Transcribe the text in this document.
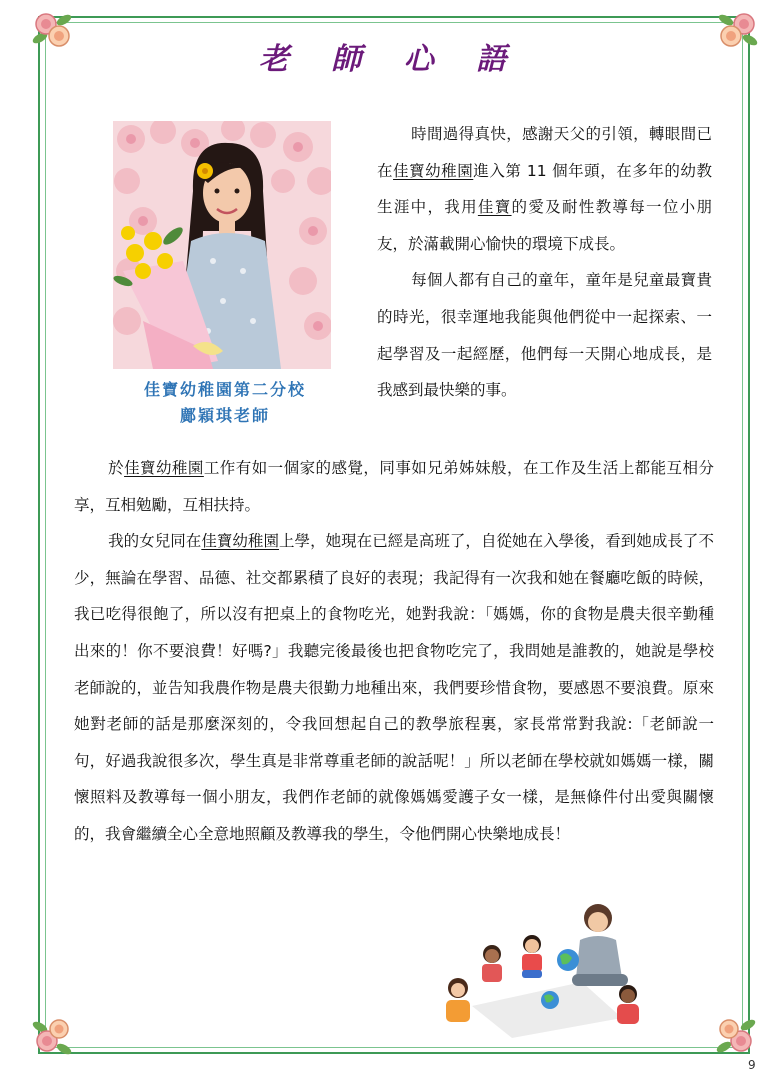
老 師 心 語
佳寶幼稚園第二分校
鄺穎琪老師

時間過得真快，感謝天父的引領，轉眼間已在佳寶幼稚園進入第 11 個年頭，在多年的幼教生涯中，我用佳寶的愛及耐性教導每一位小朋友，於滿載開心愉快的環境下成長。

每個人都有自己的童年，童年是兒童最寶貴的時光，很幸運地我能與他們從中一起探索、一起學習及一起經歷，他們每一天開心地成長，是我感到最快樂的事。

於佳寶幼稚園工作有如一個家的感覺，同事如兄弟姊妹般，在工作及生活上都能互相分享，互相勉勵，互相扶持。

我的女兒同在佳寶幼稚園上學，她現在已經是高班了，自從她在入學後，看到她成長了不少，無論在學習、品德、社交都累積了良好的表現；我記得有一次我和她在餐廳吃飯的時候，我已吃得很飽了，所以沒有把桌上的食物吃光，她對我說：「媽媽，你的食物是農夫很辛勤種出來的！你不要浪費！好嗎?」我聽完後最後也把食物吃完了，我問她是誰教的，她說是學校老師說的，並告知我農作物是農夫很勤力地種出來，我們要珍惜食物，要感恩不要浪費。原來她對老師的話是那麼深刻的，令我回想起自己的教學旅程裏，家長常常對我說:「老師說一句，好過我說很多次，學生真是非常尊重老師的說話呢！」所以老師在學校就如媽媽一樣，關懷照料及教導每一個小朋友，我們作老師的就像媽媽愛護子女一樣，是無條件付出愛與關懷的，我會繼續全心全意地照顧及教導我的學生，令他們開心快樂地成長！

9
